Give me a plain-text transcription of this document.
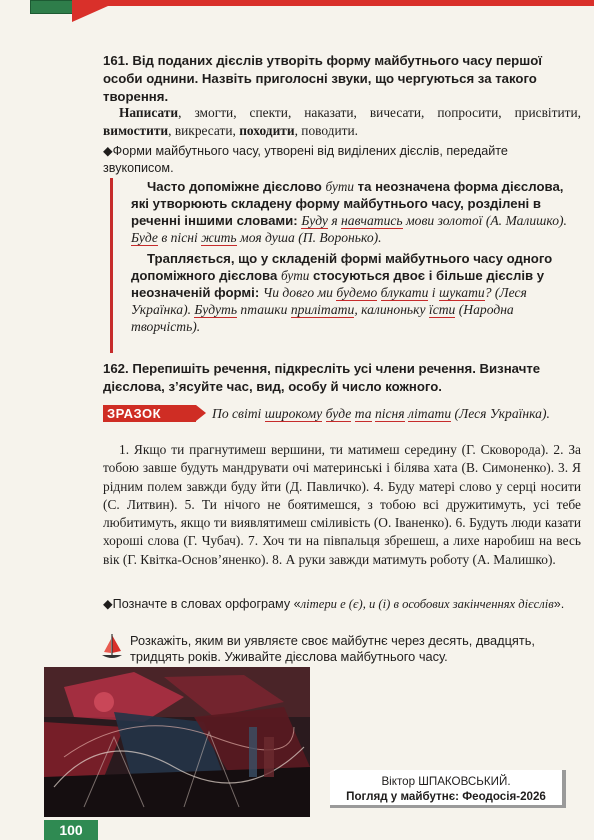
161. Від поданих дієслів утворіть форму майбутнього часу першої особи однини. Назвіть приголосні звуки, що чергуються за такого творення.
Написати, змогти, спекти, наказати, вичесати, попросити, присвітити, вимостити, викресати, походити, поводити.
◆Форми майбутнього часу, утворені від виділених дієслів, передайте звукописом.

Часто допоміжне дієслово бути та неозначена форма дієслова, які утворюють складену форму майбутнього часу, розділені в реченні іншими словами: Буду я навчатись мови золотої (А. Малишко). Буде в пісні жить моя душа (П. Воронько).

Трапляється, що у складеній формі майбутнього часу одного допоміжного дієслова бути стосуються двоє і більше дієслів у неозначеній формі: Чи довго ми будемо блукати і шукати? (Леся Українка). Будуть пташки прилітати, калиноньку їсти (Народна творчість).

162. Перепишіть речення, підкресліть усі члени речення. Визначте дієслова, з’ясуйте час, вид, особу й число кожного.
ЗРАЗОК	По світі широкому буде та пісня літати (Леся Українка).
1. Якщо ти прагнутимеш вершини, ти матимеш середину (Г. Сковорода). 2. За тобою завше будуть мандрувати очі материнські і білява хата (В. Симоненко). 3. Я рідним полем завжди буду йти (Д. Павличко). 4. Буду матері слово у серці носити (С. Литвин). 5. Ти нічого не боятимешся, з тобою всі дружитимуть, усі тебе любитимуть, якщо ти виявлятимеш сміливість (О. Іваненко). 6. Будуть люди казати хороші слова (Г. Чубач). 7. Хоч ти на півпальця збрешеш, а лихе наробиш на весь вік (Г. Квітка-Основ’яненко). 8. А руки завжди матимуть роботу (А. Малишко).
◆Позначте в словах орфограму «літери е (є), и (і) в особових закінченнях дієслів».
Розкажіть, яким ви уявляєте своє майбутнє через десять, двадцять, тридцять років. Уживайте дієслова майбутнього часу.
Віктор ШПАКОВСЬКИЙ.
Погляд у майбутнє: Феодосія-2026
100
